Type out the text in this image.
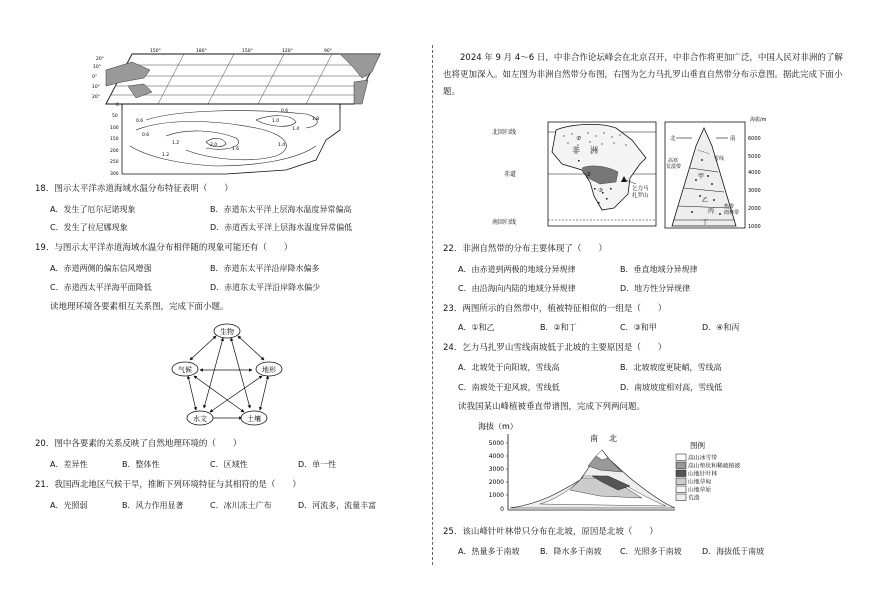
150°	180°	150°	120°	90°
20°
10°
0°
10°
20°
0
50
100
150
200
250
300
0.6
1.0	1.8
0.6
1.4
0.6
1.2	2.0
1.6
1.2
1.4
18．图示太平洋赤道海域水温分布特征表明（　　）
A．发生了厄尔尼诺现象	B．赤道东太平洋上层海水温度异常偏高
C．发生了拉尼娜现象	D．赤道西太平洋上层海水温度异常偏低
19．与图示太平洋赤道海域水温分布相伴随的现象可能还有（　　）
A．赤道两侧的偏东信风增强	B．赤道东太平洋沿岸降水偏多
C．赤道西太平洋海平面降低	D．赤道东太平洋沿岸降水偏少
读地理环境各要素相互关系图，完成下面小题。
生物
气候	地形
水文	土壤
20．图中各要素的关系反映了自然地理环境的（　　）
A．差异性	B．整体性	C．区域性	D．单一性
21．我国西北地区气候干旱，推断下列环境特征与其相符的是（　　）
A．光照弱	B．风力作用显著	C．冰川冻土广布	D．河流多，流量丰富
2024 年 9 月 4～6 日，中非合作论坛峰会在北京召开，中非合作将更加广泛，中国人民对非洲的了解也将更加深入。如左图为非洲自然带分布图，右图为乞力马扎罗山垂直自然带分布示意图。据此完成下面小题。
北回归线
赤道
南回归线
非 洲
①
②
③	乞力马
扎罗山
北	南
雪线
高寒
荒漠带
甲
乙
丙
丁
热带
雨林带
海拔/m
6000
5000
4000
3000
2000
1000
22．非洲自然带的分布主要体现了（　　）
A．由赤道到两极的地域分异规律	B．垂直地域分异规律
C．由沿海向内陆的地域分异规律	D．地方性分异规律
23．两图所示的自然带中，植被特征相似的一组是（　　）
A．①和乙	B．②和丁	C．③和甲	D．④和丙
24．乞力马扎罗山雪线南坡低于北坡的主要原因是（　　）
A．北坡处于向阳坡，雪线高	B．北坡坡度更陡峭，雪线高
C．南坡处于迎风坡，雪线低	D．南坡坡度相对高，雪线低
读我国某山峰植被垂直带谱图，完成下列两问题。
海拔（m）
5000
4000
3000
2000
1000
0
南 北
图例
高山冰雪带
高山垫状和稀疏植被
山地针叶林
山地草甸
山地草原
荒漠
25．该山峰针叶林带只分布在北坡，原因是北坡（　　）
A．热量多于南坡	B．降水多于南坡 C．光照多于南坡	D．海拔低于南坡
